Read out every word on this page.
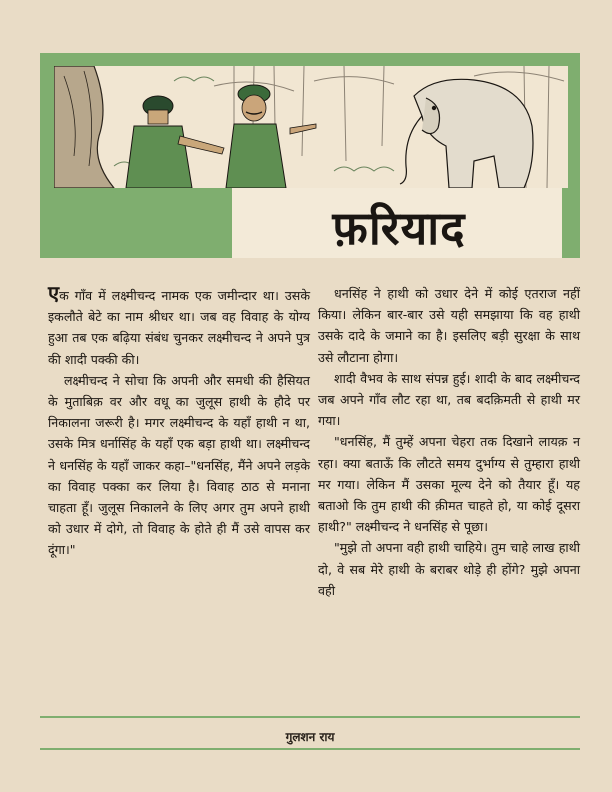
फ़रियाद

एक गाँव में लक्ष्मीचन्द नामक एक जमीन्दार था। उसके इकलौते बेटे का नाम श्रीधर था। जब वह विवाह के योग्य हुआ तब एक बढ़िया संबंध चुनकर लक्ष्मीचन्द ने अपने पुत्र की शादी पक्की की।

लक्ष्मीचन्द ने सोचा कि अपनी और समधी की हैसियत के मुताबिक़ वर और वधू का जुलूस हाथी के हौदे पर निकालना जरूरी है। मगर लक्ष्मीचन्द के यहाँ हाथी न था, उसके मित्र धर्नासिंह के यहाँ एक बड़ा हाथी था। लक्ष्मीचन्द ने धनसिंह के यहाँ जाकर कहा–"धनसिंह, मैंने अपने लड़के का विवाह पक्का कर लिया है। विवाह ठाठ से मनाना चाहता हूँ। जुलूस निकालने के लिए अगर तुम अपने हाथी को उधार में दोगे, तो विवाह के होते ही मैं उसे वापस कर दूंगा।"

धनसिंह ने हाथी को उधार देने में कोई एतराज नहीं किया। लेकिन बार-बार उसे यही समझाया कि वह हाथी उसके दादे के जमाने का है। इसलिए बड़ी सुरक्षा के साथ उसे लौटाना होगा।

शादी वैभव के साथ संपन्न हुई। शादी के बाद लक्ष्मीचन्द जब अपने गाँव लौट रहा था, तब बदक़िमती से हाथी मर गया।

"धनसिंह, मैं तुम्हें अपना चेहरा तक दिखाने लायक़ न रहा। क्या बताऊँ कि लौटते समय दुर्भाग्य से तुम्हारा हाथी मर गया। लेकिन मैं उसका मूल्य देने को तैयार हूँ। यह बताओ कि तुम हाथी की क़ीमत चाहते हो, या कोई दूसरा हाथी?" लक्ष्मीचन्द ने धनसिंह से पूछा।

"मुझे तो अपना वही हाथी चाहिये। तुम चाहे लाख हाथी दो, वे सब मेरे हाथी के बराबर थोड़े ही होंगे? मुझे अपना वही

गुलशन राय
